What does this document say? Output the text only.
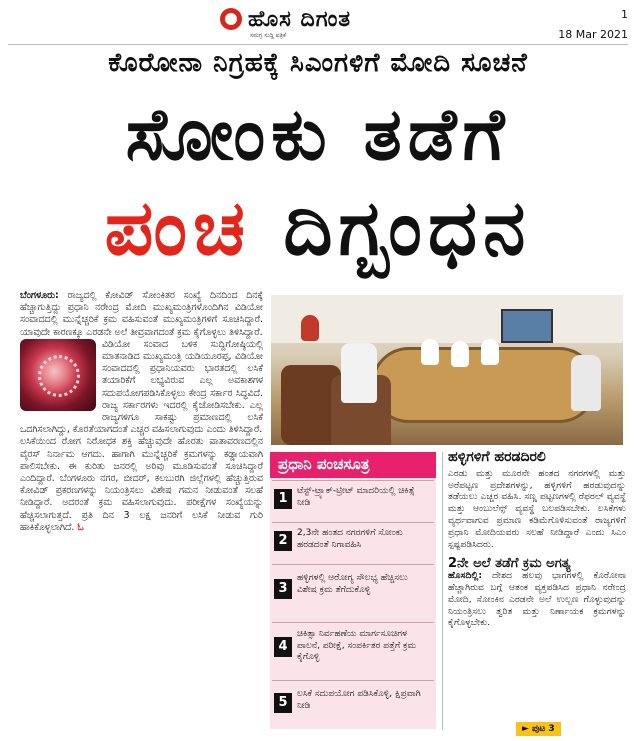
ಹೊಸ ದಿಗಂತ
ಸಮಗ್ರ ಸುದ್ದಿ ಪತ್ರಿಕೆ
1
18 Mar 2021
ಕೊರೋನಾ ನಿಗ್ರಹಕ್ಕೆ ಸಿಎಂಗಳಿಗೆ ಮೋದಿ ಸೂಚನೆ
ಸೋಂಕು ತಡೆಗೆ
ಪಂಚ ದಿಗ್ಬಂಧನ

ಬೆಂಗಳೂರು: ರಾಜ್ಯದಲ್ಲಿ ಕೋವಿಡ್ ಸೋಂಕಿತರ ಸಂಖ್ಯೆ ದಿನದಿಂದ ದಿನಕ್ಕೆ ಹೆಚ್ಚಾಗುತ್ತಿದ್ದು ಪ್ರಧಾನಿ ನರೇಂದ್ರ ಮೋದಿ ಮುಖ್ಯಮಂತ್ರಿಗಳೊಂದಿಗಿನ ವಿಡಿಯೋ ಸಂವಾದದಲ್ಲಿ ಮುನ್ನೆಚ್ಚರಿಕೆ ಕ್ರಮ ವಹಿಸುವಂತೆ ಮುಖ್ಯಮಂತ್ರಿಗಳಿಗೆ ಸೂಚಿಸಿದ್ದಾರೆ. ಯಾವುದೇ ಕಾರಣಕ್ಕೂ ಎರಡನೇ ಅಲೆ ತೀವ್ರವಾಗದಂತೆ ಕ್ರಮ ಕೈಗೊಳ್ಳಲು ತಿಳಿಸಿದ್ದಾರೆ.

ವಿಡಿಯೋ ಸಂವಾದ ಬಳಿಕ ಸುದ್ದಿಗೋಷ್ಠಿಯಲ್ಲಿ ಮಾತನಾಡಿದ ಮುಖ್ಯಮಂತ್ರಿ ಯಡಿಯೂರಪ್ಪ, ವಿಡಿಯೋ ಸಂವಾದದಲ್ಲಿ ಪ್ರಧಾನಿಯವರು ಭಾರತದಲ್ಲಿ ಲಸಿಕೆ ತಯಾರಿಕೆಗೆ ಲಭ್ಯವಿರುವ ಎಲ್ಲ ಅವಕಾಶಗಳ ಸದುಪಯೋಗಪಡಿಸಿಕೊಳ್ಳಲು ಕೇಂದ್ರ ಸರ್ಕಾರ ಸಿದ್ಧವಿದೆ. ರಾಜ್ಯ ಸರ್ಕಾರಗಳು ಇದರಲ್ಲಿ ಕೈಜೋಡಿಸಬೇಕು. ಎಲ್ಲ ರಾಜ್ಯಗಳಿಗೂ ಸಾಕಷ್ಟು ಪ್ರಮಾಣದಲ್ಲಿ ಲಸಿಕೆ ಒದಗಿಸಲಾಗಿದ್ದು, ಕೊರತೆಯಾಗದಂತೆ ಎಚ್ಚರ ವಹಿಸಲಾಗುವುದು ಎಂದು ತಿಳಿಸಿದ್ದಾರೆ.

ಲಸಿಕೆಯಿಂದ ರೋಗ ನಿರೋಧಕ ಶಕ್ತಿ ಹೆಚ್ಚುವುದೇ ಹೊರತು ವಾತಾವರಣದಲ್ಲಿನ ವೈರಸ್ ನಿರ್ನಾಮ ಆಗದು. ಹಾಗಾಗಿ ಮುನ್ನೆಚ್ಚರಿಕೆ ಕ್ರಮಗಳನ್ನು ಕಡ್ಡಾಯವಾಗಿ ಪಾಲಿಸಬೇಕು. ಈ ಕುರಿತು ಜನರಲ್ಲಿ ಅರಿವು ಮೂಡಿಸುವಂತೆ ಸೂಚಿಸಿದ್ದಾರೆ ಎಂದಿದ್ದಾರೆ. ಬೆಂಗಳೂರು ನಗರ, ಬೀದರ್, ಕಲಬುರಗಿ ಜಿಲ್ಲೆಗಳಲ್ಲಿ ಹೆಚ್ಚುತ್ತಿರುವ ಕೋವಿಡ್ ಪ್ರಕರಣಗಳನ್ನು ನಿಯಂತ್ರಿಸಲು ವಿಶೇಷ ಗಮನ ನೀಡುವಂತೆ ಸಲಹೆ ನೀಡಿದ್ದಾರೆ. ಅದರಂತೆ ಕ್ರಮ ವಹಿಸಲಾಗುವುದು. ಪರೀಕ್ಷೆಗಳ ಸಂಖ್ಯೆಯನ್ನು ಹೆಚ್ಚಿಸಲಾಗುತ್ತದೆ. ಪ್ರತಿ ದಿನ 3 ಲಕ್ಷ ಜನರಿಗೆ ಲಸಿಕೆ ನೀಡುವ ಗುರಿ ಹಾಕಿಕೊಳ್ಳಲಾಗಿದೆ. ಓ

ಪ್ರಧಾನಿ ಪಂಚಸೂತ್ರ
1	ಟೆಸ್ಟ್-ಟ್ರ್ಯಾಕ್-ಟ್ರೀಟ್ ಮಾದರಿಯಲ್ಲಿ ಚಿಕಿತ್ಸೆ ನೀಡಿ
2	2,3ನೇ ಹಂತದ ನಗರಗಳಿಗೆ ಸೋಂಕು ಹರಡದಂತೆ ನಿಗಾವಹಿಸಿ
3
ಹಳ್ಳಿಗಳಲ್ಲಿ ಆರೋಗ್ಯ ಸೌಲಭ್ಯ ಹೆಚ್ಚಿಸಲು ವಿಶೇಷ ಕ್ರಮ ತೆಗೆದುಕೊಳ್ಳಿ
4
ಚಿಕಿತ್ಸಾ ನಿರ್ವಹಣೆಯ ಮಾರ್ಗಸೂಚಿಗಳ ಪಾಲನೆ, ಪರೀಕ್ಷೆ, ಸಂಪರ್ಕಿತರ ಪತ್ತೆಗೆ ಕ್ರಮ ಕೈಗೊಳ್ಳಿ
5
ಲಸಿಕೆ ಸದುಪಯೋಗ ಪಡಿಸಿಕೊಳ್ಳಿ, ಕ್ಷಿಪ್ರವಾಗಿ ನೀಡಿ
ಹಳ್ಳಿಗಳಿಗೆ ಹರಡದಿರಲಿ

ಎರಡು ಮತ್ತು ಮೂರನೇ ಹಂತದ ನಗರಗಳಲ್ಲಿ ಮತ್ತು ಅರೆಪಟ್ಟಣ ಪ್ರದೇಶಗಳನ್ನು, ಹಳ್ಳಿಗಳಿಗೆ ಹರಡುವುದನ್ನು ತಡೆಯಲು ಎಚ್ಚರ ವಹಿಸಿ. ಸಣ್ಣ ಪಟ್ಟಣಗಳಲ್ಲಿ ರೆಫರಲ್ ವ್ಯವಸ್ಥೆ ಮತ್ತು ಆಂಬುಲೆನ್ಸ್ ವ್ಯವಸ್ಥೆ ಬಲಪಡಿಸಬೇಕು. ಲಸಿಕೆಗಳು ವ್ಯರ್ಥವಾಗುವ ಪ್ರಮಾಣ ಕಡಿಮೆಗೊಳಿಸುವಂತೆ ರಾಜ್ಯಗಳಿಗೆ ಪ್ರಧಾನಿ ಮೋದಿಯವರು ಸಲಹೆ ನೀಡಿದ್ದಾರೆ ಎಂದು ಸಿಎಂ ಸ್ಪಷ್ಟಪಡಿಸಿದರು.

2ನೇ ಅಲೆ ತಡೆಗೆ ಕ್ರಮ ಅಗತ್ಯ

ಹೊಸದಿಲ್ಲಿ: ದೇಶದ ಹಲವು ಭಾಗಗಳಲ್ಲಿ ಕೊರೋನಾ ಹೆಚ್ಚಾಗಿರುವ ಬಗ್ಗೆ ಆತಂಕ ವ್ಯಕ್ತಪಡಿಸಿದ ಪ್ರಧಾನಿ ನರೇಂದ್ರ ಮೋದಿ, ಸೋಂಕಿನ ಎರಡನೇ ಅಲೆ ಉಲ್ಬಣ ಗೊಳ್ಳುವುದನ್ನು ನಿಯಂತ್ರಿಸಲು ತ್ವರಿತ ಮತ್ತು ನಿರ್ಣಾಯಕ ಕ್ರಮಗಳನ್ನು ಕೈಗೊಳ್ಳಬೇಕು.

► ಪುಟ 3
